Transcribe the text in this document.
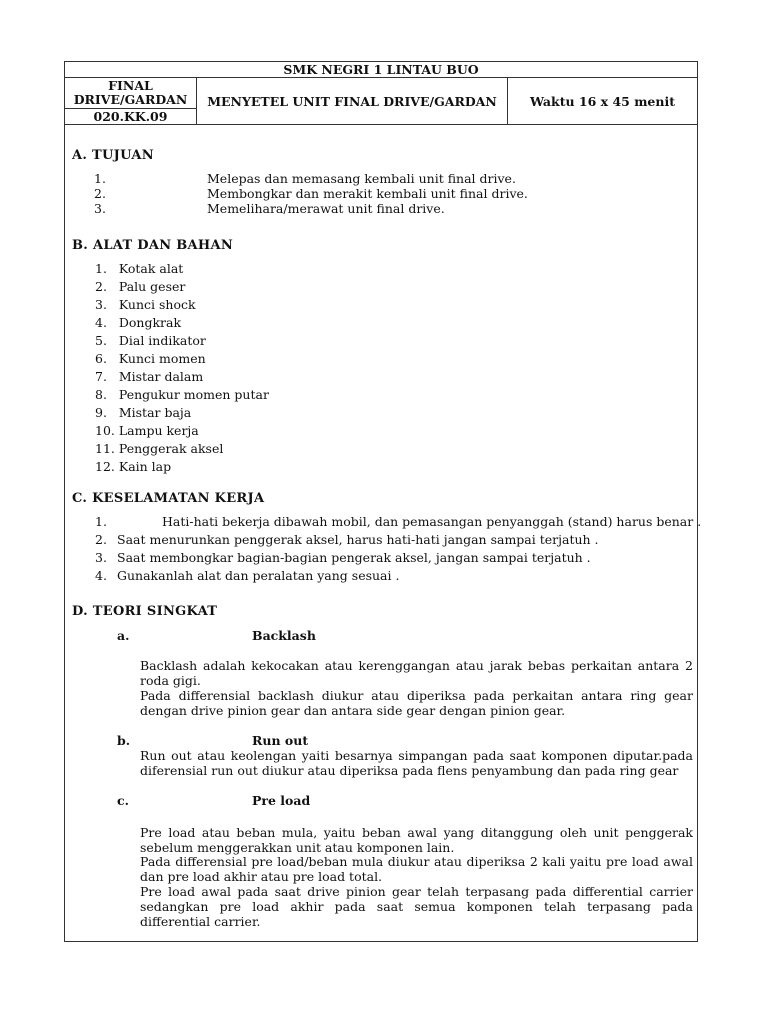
SMK NEGRI 1 LINTAU BUO
FINAL DRIVE/GARDAN	MENYETEL UNIT FINAL DRIVE/GARDAN	Waktu 16 x 45 menit
020.KK.09
A. TUJUAN
1.	Melepas dan memasang kembali unit final drive.
2.	Membongkar dan merakit kembali unit final drive.
3.	Memelihara/merawat unit final drive.
B. ALAT DAN BAHAN
1.   Kotak alat
2.   Palu geser
3.   Kunci shock
4.   Dongkrak
5.   Dial indikator
6.   Kunci momen
7.   Mistar dalam
8.   Pengukur momen putar
9.   Mistar baja
10. Lampu kerja
11. Penggerak aksel
12. Kain lap
C. KESELAMATAN KERJA
1.	Hati-hati bekerja dibawah mobil, dan pemasangan penyanggah (stand) harus benar .
2. Saat menurunkan penggerak aksel, harus hati-hati jangan sampai terjatuh .
3. Saat membongkar bagian-bagian pengerak aksel, jangan sampai terjatuh .
4. Gunakanlah alat dan peralatan yang sesuai .
D. TEORI SINGKAT
a.	Backlash
Backlash adalah kekocakan atau kerenggangan atau jarak bebas perkaitan antara 2 roda gigi.
Pada differensial backlash diukur atau diperiksa pada perkaitan antara ring gear dengan drive pinion gear dan antara side gear dengan pinion gear.
b.	Run out
Run out atau keolengan yaiti besarnya simpangan pada saat komponen diputar.pada diferensial run out diukur atau diperiksa pada flens penyambung dan pada ring gear
c.	Pre load
Pre load atau beban mula, yaitu beban awal yang ditanggung oleh unit penggerak sebelum menggerakkan unit atau komponen lain.
Pada differensial pre load/beban mula diukur atau diperiksa 2 kali yaitu pre load awal dan pre load akhir atau pre load total.
Pre load awal pada saat drive pinion gear telah terpasang pada differential carrier sedangkan pre load akhir pada saat semua komponen telah terpasang pada differential carrier.
